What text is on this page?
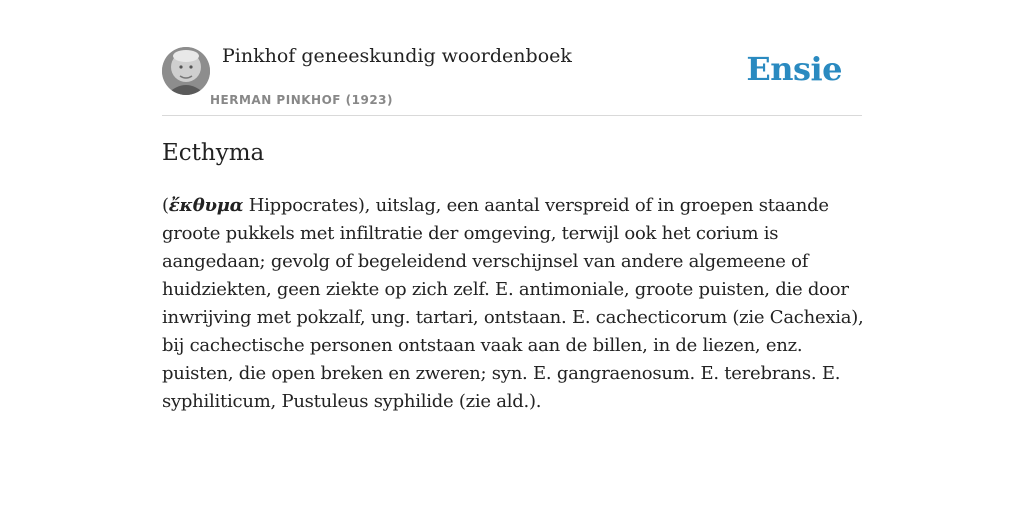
Pinkhof geneeskundig woordenboek
HERMAN PINKHOF (1923)
Ensie
Ecthyma

(ἔκθυμα Hippocrates), uitslag, een aantal verspreid of in groepen staande groote pukkels met infiltratie der omgeving, terwijl ook het corium is aangedaan; gevolg of begeleidend verschijnsel van andere algemeene of huidziekten, geen ziekte op zich zelf. E. antimoniale, groote puisten, die door inwrijving met pokzalf, ung. tartari, ontstaan. E. cachecticorum (zie Cachexia), bij cachectische personen ontstaan vaak aan de billen, in de liezen, enz. puisten, die open breken en zweren; syn. E. gangraenosum. E. terebrans. E. syphiliticum, Pustuleus syphilide (zie ald.).
